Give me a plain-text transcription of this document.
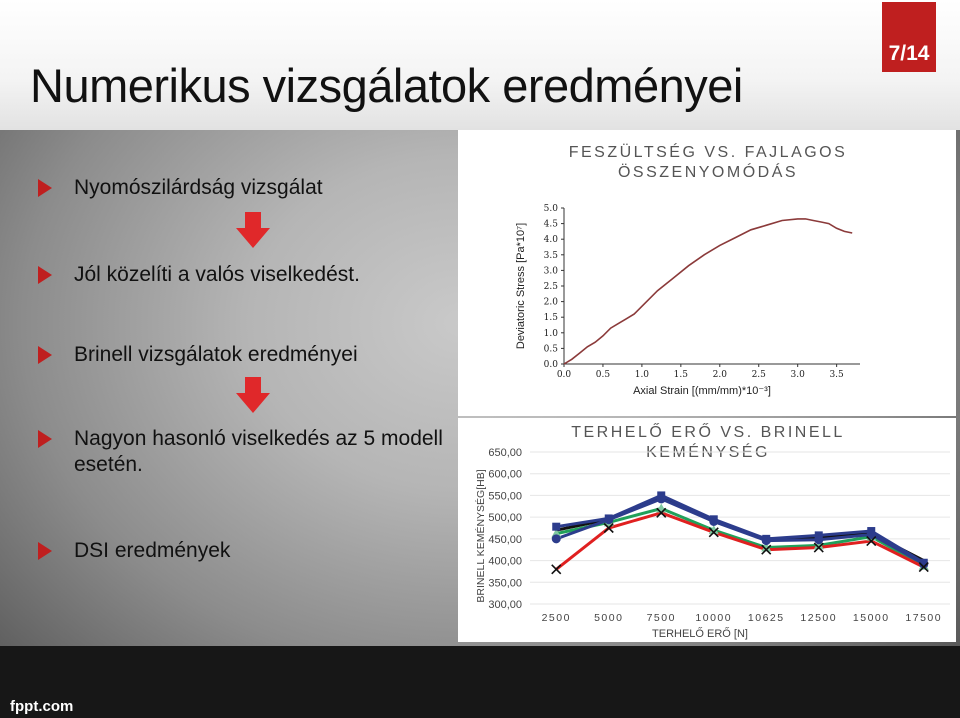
Numerikus vizsgálatok eredményei
7/14
Nyomószilárdság vizsgálat
Jól közelíti a valós viselkedést.
Brinell vizsgálatok eredményei
Nagyon hasonló viselkedés az 5 modell esetén.
DSI eredmények
FESZÜLTSÉG VS. FAJLAGOS ÖSSZENYOMÓDÁS
0.0
0.5
1.0
1.5
2.0
2.5
3.0
3.5
4.0
4.5
5.0
0.0	0.5	1.0	1.5	2.0	2.5	3.0	3.5
Axial Strain [(mm/mm)*10⁻³]
Deviatoric Stress [Pa*10⁷]
TERHELŐ ERŐ VS. BRINELL KEMÉNYSÉG
300,00
350,00
400,00
450,00
500,00
550,00
600,00
650,00
2500 5000 7500 10000 10625 12500 15000 17500
TERHELŐ ERŐ [N]
BRINELL KEMÉNYSÉG[HB]
fppt.com
